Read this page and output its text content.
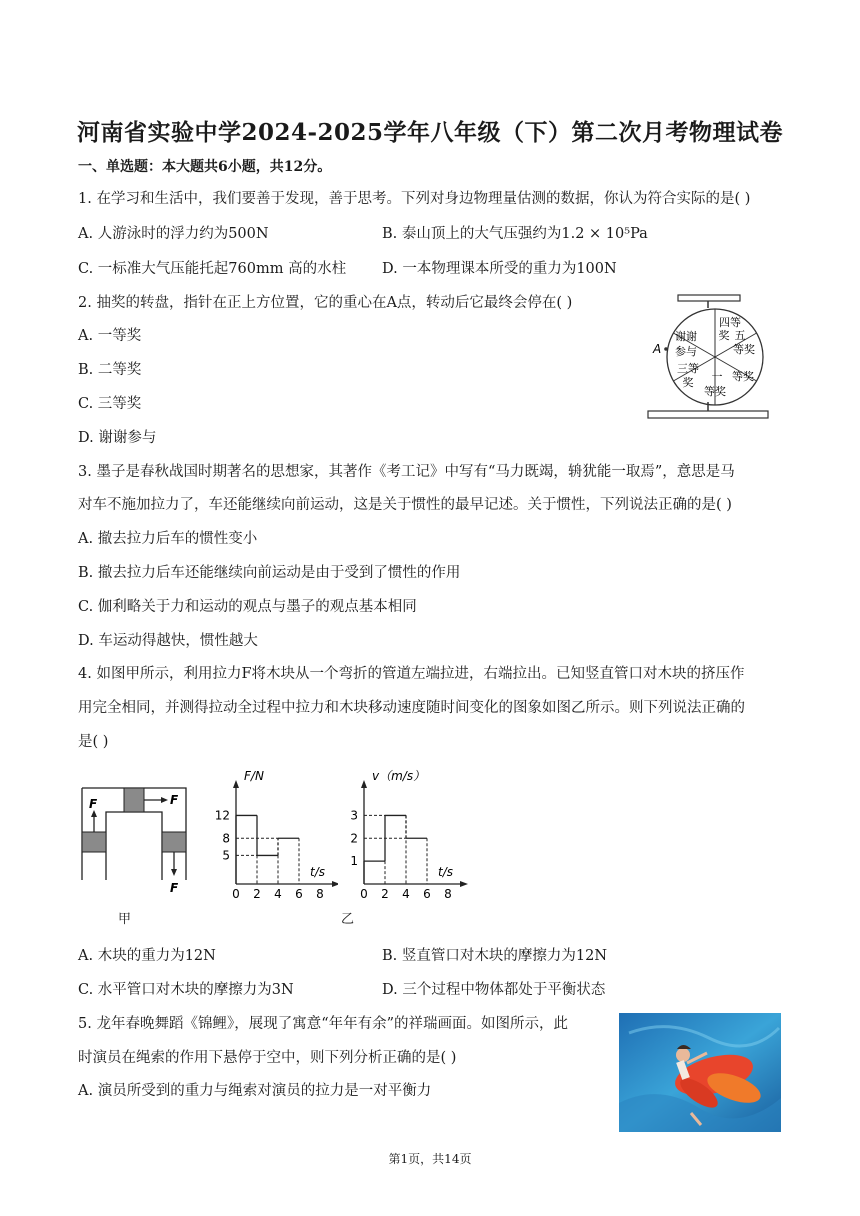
河南省实验中学2024-2025学年八年级（下）第二次月考物理试卷
一、单选题：本大题共6小题，共12分。
1. 在学习和生活中，我们要善于发现，善于思考。下列对身边物理量估测的数据，你认为符合实际的是( )
A. 人游泳时的浮力约为500N	B. 泰山顶上的大气压强约为1.2 × 10⁵Pa
C. 一标准大气压能托起760mm 高的水柱 D. 一本物理课本所受的重力为100N
2. 抽奖的转盘，指针在正上方位置，它的重心在A点，转动后它最终会停在( )
A. 一等奖
B. 二等奖
C. 三等奖
D. 谢谢参与
四等
奖 五
等奖
等奖
一
等奖
三等
奖
谢谢
参与
A
3. 墨子是春秋战国时期著名的思想家，其著作《考工记》中写有“马力既竭，辀犹能一取焉”，意思是马
对车不施加拉力了，车还能继续向前运动，这是关于惯性的最早记述。关于惯性，下列说法正确的是( )
A. 撤去拉力后车的惯性变小
B. 撤去拉力后车还能继续向前运动是由于受到了惯性的作用
C. 伽利略关于力和运动的观点与墨子的观点基本相同
D. 车运动得越快，惯性越大
4. 如图甲所示，利用拉力F将木块从一个弯折的管道左端拉进，右端拉出。已知竖直管口对木块的挤压作
用完全相同，并测得拉动全过程中拉力和木块移动速度随时间变化的图象如图乙所示。则下列说法正确的
是( )
F	F
F
甲
F/N
t/s
0 2 4 6 8
5
8
12
v（m/s）
t/s
0 2 4 6 8
1
2
3
乙
A. 木块的重力为12N	B. 竖直管口对木块的摩擦力为12N
C. 水平管口对木块的摩擦力为3N	D. 三个过程中物体都处于平衡状态
5. 龙年春晚舞蹈《锦鲤》，展现了寓意“年年有余”的祥瑞画面。如图所示，此
时演员在绳索的作用下悬停于空中，则下列分析正确的是( )
A. 演员所受到的重力与绳索对演员的拉力是一对平衡力
第1页，共14页
